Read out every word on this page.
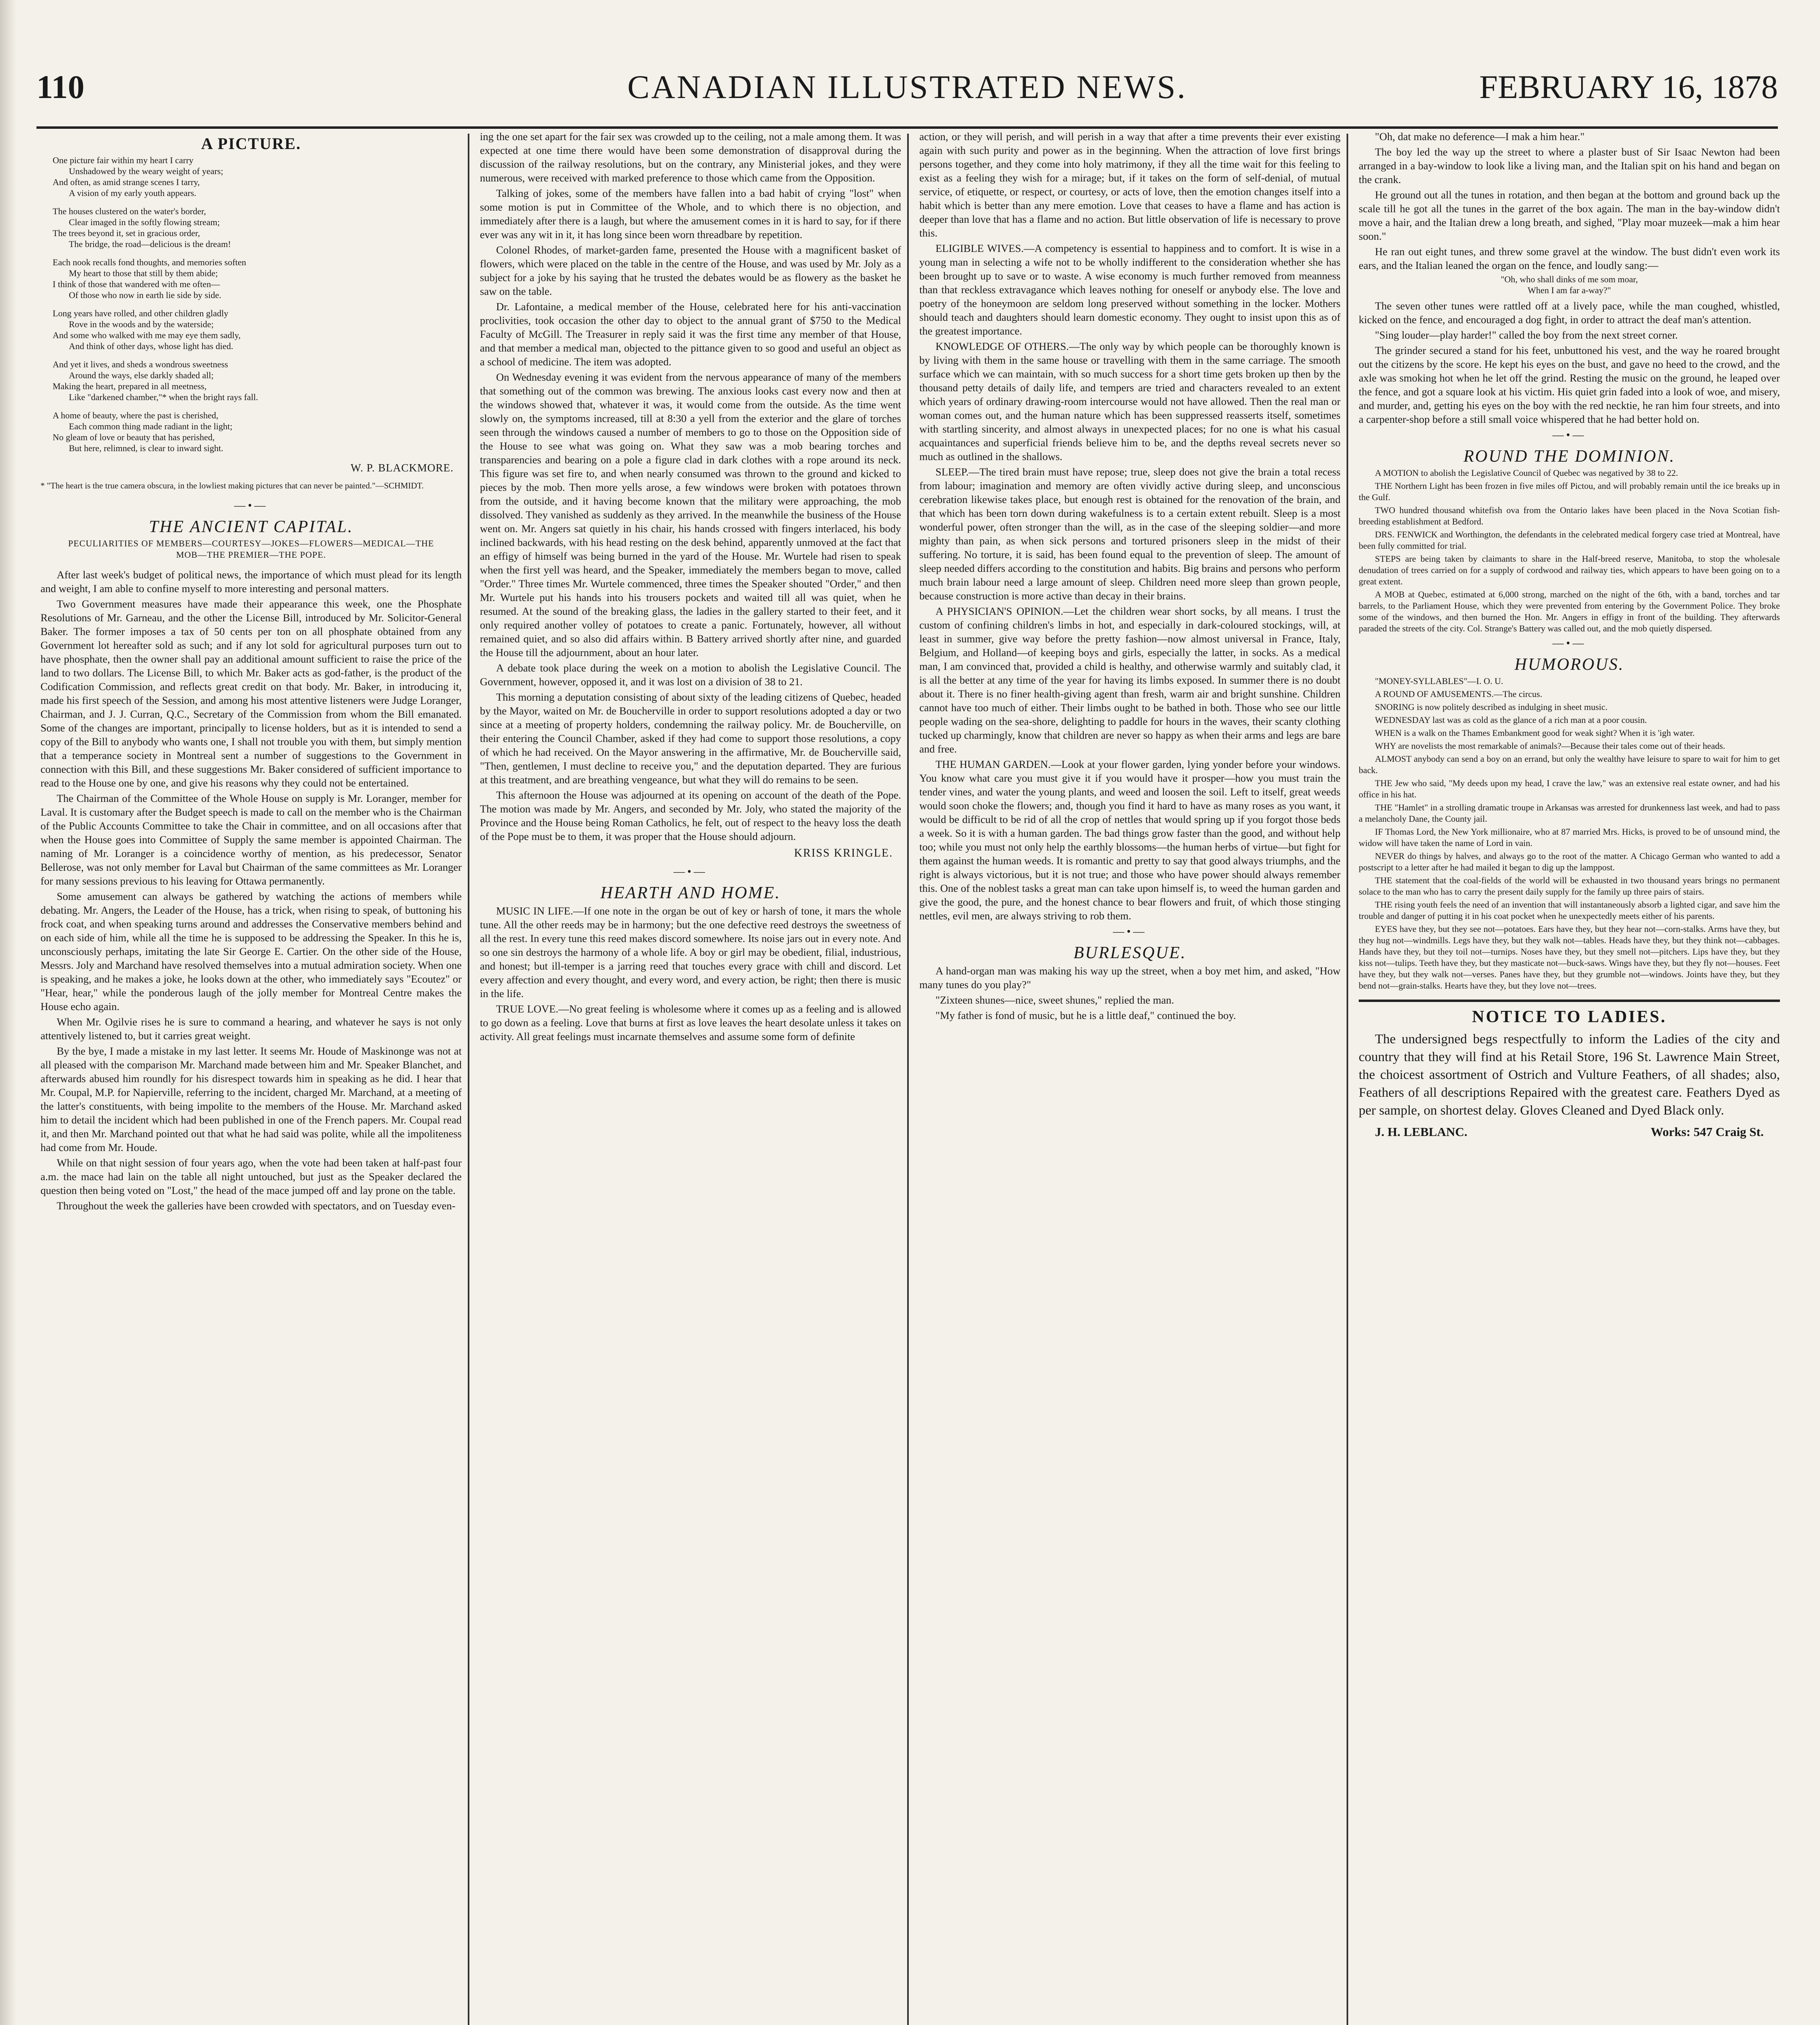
110	CANADIAN ILLUSTRATED NEWS.	FEBRUARY 16, 1878
A PICTURE.
One picture fair within my heart I carry
Unshadowed by the weary weight of years;
And often, as amid strange scenes I tarry,
A vision of my early youth appears.
The houses clustered on the water's border,
Clear imaged in the softly flowing stream;
The trees beyond it, set in gracious order,
The bridge, the road—delicious is the dream!
Each nook recalls fond thoughts, and memories soften
My heart to those that still by them abide;
I think of those that wandered with me often—
Of those who now in earth lie side by side.
Long years have rolled, and other children gladly
Rove in the woods and by the waterside;
And some who walked with me may eye them sadly,
And think of other days, whose light has died.
And yet it lives, and sheds a wondrous sweetness
Around the ways, else darkly shaded all;
Making the heart, prepared in all meetness,
Like "darkened chamber,"* when the bright rays fall.
A home of beauty, where the past is cherished,
Each common thing made radiant in the light;
No gleam of love or beauty that has perished,
But here, relimned, is clear to inward sight.
W. P. BLACKMORE.
* "The heart is the true camera obscura, in the lowliest making pictures that can never be painted."—SCHMIDT.
—•—
THE ANCIENT CAPITAL.
PECULIARITIES OF MEMBERS—COURTESY—JOKES—FLOWERS—MEDICAL—THE MOB—THE PREMIER—THE POPE.

After last week's budget of political news, the importance of which must plead for its length and weight, I am able to confine myself to more interesting and personal matters.

Two Government measures have made their appearance this week, one the Phosphate Resolutions of Mr. Garneau, and the other the License Bill, introduced by Mr. Solicitor-General Baker. The former imposes a tax of 50 cents per ton on all phosphate obtained from any Government lot hereafter sold as such; and if any lot sold for agricultural purposes turn out to have phosphate, then the owner shall pay an additional amount sufficient to raise the price of the land to two dollars. The License Bill, to which Mr. Baker acts as god-father, is the product of the Codification Commission, and reflects great credit on that body. Mr. Baker, in introducing it, made his first speech of the Session, and among his most attentive listeners were Judge Loranger, Chairman, and J. J. Curran, Q.C., Secretary of the Commission from whom the Bill emanated. Some of the changes are important, principally to license holders, but as it is intended to send a copy of the Bill to anybody who wants one, I shall not trouble you with them, but simply mention that a temperance society in Montreal sent a number of suggestions to the Government in connection with this Bill, and these suggestions Mr. Baker considered of sufficient importance to read to the House one by one, and give his reasons why they could not be entertained.

The Chairman of the Committee of the Whole House on supply is Mr. Loranger, member for Laval. It is customary after the Budget speech is made to call on the member who is the Chairman of the Public Accounts Committee to take the Chair in committee, and on all occasions after that when the House goes into Committee of Supply the same member is appointed Chairman. The naming of Mr. Loranger is a coincidence worthy of mention, as his predecessor, Senator Bellerose, was not only member for Laval but Chairman of the same committees as Mr. Loranger for many sessions previous to his leaving for Ottawa permanently.

Some amusement can always be gathered by watching the actions of members while debating. Mr. Angers, the Leader of the House, has a trick, when rising to speak, of buttoning his frock coat, and when speaking turns around and addresses the Conservative members behind and on each side of him, while all the time he is supposed to be addressing the Speaker. In this he is, unconsciously perhaps, imitating the late Sir George E. Cartier. On the other side of the House, Messrs. Joly and Marchand have resolved themselves into a mutual admiration society. When one is speaking, and he makes a joke, he looks down at the other, who immediately says "Ecoutez" or "Hear, hear," while the ponderous laugh of the jolly member for Montreal Centre makes the House echo again.

When Mr. Ogilvie rises he is sure to command a hearing, and whatever he says is not only attentively listened to, but it carries great weight.

By the bye, I made a mistake in my last letter. It seems Mr. Houde of Maskinonge was not at all pleased with the comparison Mr. Marchand made between him and Mr. Speaker Blanchet, and afterwards abused him roundly for his disrespect towards him in speaking as he did. I hear that Mr. Coupal, M.P. for Napierville, referring to the incident, charged Mr. Marchand, at a meeting of the latter's constituents, with being impolite to the members of the House. Mr. Marchand asked him to detail the incident which had been published in one of the French papers. Mr. Coupal read it, and then Mr. Marchand pointed out that what he had said was polite, while all the impoliteness had come from Mr. Houde.

While on that night session of four years ago, when the vote had been taken at half-past four a.m. the mace had lain on the table all night untouched, but just as the Speaker declared the question then being voted on "Lost," the head of the mace jumped off and lay prone on the table.

Throughout the week the galleries have been crowded with spectators, and on Tuesday even-

ing the one set apart for the fair sex was crowded up to the ceiling, not a male among them. It was expected at one time there would have been some demonstration of disapproval during the discussion of the railway resolutions, but on the contrary, any Ministerial jokes, and they were numerous, were received with marked preference to those which came from the Opposition.

Talking of jokes, some of the members have fallen into a bad habit of crying "lost" when some motion is put in Committee of the Whole, and to which there is no objection, and immediately after there is a laugh, but where the amusement comes in it is hard to say, for if there ever was any wit in it, it has long since been worn threadbare by repetition.

Colonel Rhodes, of market-garden fame, presented the House with a magnificent basket of flowers, which were placed on the table in the centre of the House, and was used by Mr. Joly as a subject for a joke by his saying that he trusted the debates would be as flowery as the basket he saw on the table.

Dr. Lafontaine, a medical member of the House, celebrated here for his anti-vaccination proclivities, took occasion the other day to object to the annual grant of $750 to the Medical Faculty of McGill. The Treasurer in reply said it was the first time any member of that House, and that member a medical man, objected to the pittance given to so good and useful an object as a school of medicine. The item was adopted.

On Wednesday evening it was evident from the nervous appearance of many of the members that something out of the common was brewing. The anxious looks cast every now and then at the windows showed that, whatever it was, it would come from the outside. As the time went slowly on, the symptoms increased, till at 8:30 a yell from the exterior and the glare of torches seen through the windows caused a number of members to go to those on the Opposition side of the House to see what was going on. What they saw was a mob bearing torches and transparencies and bearing on a pole a figure clad in dark clothes with a rope around its neck. This figure was set fire to, and when nearly consumed was thrown to the ground and kicked to pieces by the mob. Then more yells arose, a few windows were broken with potatoes thrown from the outside, and it having become known that the military were approaching, the mob dissolved. They vanished as suddenly as they arrived. In the meanwhile the business of the House went on. Mr. Angers sat quietly in his chair, his hands crossed with fingers interlaced, his body inclined backwards, with his head resting on the desk behind, apparently unmoved at the fact that an effigy of himself was being burned in the yard of the House. Mr. Wurtele had risen to speak when the first yell was heard, and the Speaker, immediately the members began to move, called "Order." Three times Mr. Wurtele commenced, three times the Speaker shouted "Order," and then Mr. Wurtele put his hands into his trousers pockets and waited till all was quiet, when he resumed. At the sound of the breaking glass, the ladies in the gallery started to their feet, and it only required another volley of potatoes to create a panic. Fortunately, however, all without remained quiet, and so also did affairs within. B Battery arrived shortly after nine, and guarded the House till the adjournment, about an hour later.

A debate took place during the week on a motion to abolish the Legislative Council. The Government, however, opposed it, and it was lost on a division of 38 to 21.

This morning a deputation consisting of about sixty of the leading citizens of Quebec, headed by the Mayor, waited on Mr. de Boucherville in order to support resolutions adopted a day or two since at a meeting of property holders, condemning the railway policy. Mr. de Boucherville, on their entering the Council Chamber, asked if they had come to support those resolutions, a copy of which he had received. On the Mayor answering in the affirmative, Mr. de Boucherville said, "Then, gentlemen, I must decline to receive you," and the deputation departed. They are furious at this treatment, and are breathing vengeance, but what they will do remains to be seen.

This afternoon the House was adjourned at its opening on account of the death of the Pope. The motion was made by Mr. Angers, and seconded by Mr. Joly, who stated the majority of the Province and the House being Roman Catholics, he felt, out of respect to the heavy loss the death of the Pope must be to them, it was proper that the House should adjourn.

KRISS KRINGLE.
—•—
HEARTH AND HOME.

MUSIC IN LIFE.—If one note in the organ be out of key or harsh of tone, it mars the whole tune. All the other reeds may be in harmony; but the one defective reed destroys the sweetness of all the rest. In every tune this reed makes discord somewhere. Its noise jars out in every note. And so one sin destroys the harmony of a whole life. A boy or girl may be obedient, filial, industrious, and honest; but ill-temper is a jarring reed that touches every grace with chill and discord. Let every affection and every thought, and every word, and every action, be right; then there is music in the life.

TRUE LOVE.—No great feeling is wholesome where it comes up as a feeling and is allowed to go down as a feeling. Love that burns at first as love leaves the heart desolate unless it takes on activity. All great feelings must incarnate themselves and assume some form of definite

action, or they will perish, and will perish in a way that after a time prevents their ever existing again with such purity and power as in the beginning. When the attraction of love first brings persons together, and they come into holy matrimony, if they all the time wait for this feeling to exist as a feeling they wish for a mirage; but, if it takes on the form of self-denial, of mutual service, of etiquette, or respect, or courtesy, or acts of love, then the emotion changes itself into a habit which is better than any mere emotion. Love that ceases to have a flame and has action is deeper than love that has a flame and no action. But little observation of life is necessary to prove this.

ELIGIBLE WIVES.—A competency is essential to happiness and to comfort. It is wise in a young man in selecting a wife not to be wholly indifferent to the consideration whether she has been brought up to save or to waste. A wise economy is much further removed from meanness than that reckless extravagance which leaves nothing for oneself or anybody else. The love and poetry of the honeymoon are seldom long preserved without something in the locker. Mothers should teach and daughters should learn domestic economy. They ought to insist upon this as of the greatest importance.

KNOWLEDGE OF OTHERS.—The only way by which people can be thoroughly known is by living with them in the same house or travelling with them in the same carriage. The smooth surface which we can maintain, with so much success for a short time gets broken up then by the thousand petty details of daily life, and tempers are tried and characters revealed to an extent which years of ordinary drawing-room intercourse would not have allowed. Then the real man or woman comes out, and the human nature which has been suppressed reasserts itself, sometimes with startling sincerity, and almost always in unexpected places; for no one is what his casual acquaintances and superficial friends believe him to be, and the depths reveal secrets never so much as outlined in the shallows.

SLEEP.—The tired brain must have repose; true, sleep does not give the brain a total recess from labour; imagination and memory are often vividly active during sleep, and unconscious cerebration likewise takes place, but enough rest is obtained for the renovation of the brain, and that which has been torn down during wakefulness is to a certain extent rebuilt. Sleep is a most wonderful power, often stronger than the will, as in the case of the sleeping soldier—and more mighty than pain, as when sick persons and tortured prisoners sleep in the midst of their suffering. No torture, it is said, has been found equal to the prevention of sleep. The amount of sleep needed differs according to the constitution and habits. Big brains and persons who perform much brain labour need a large amount of sleep. Children need more sleep than grown people, because construction is more active than decay in their brains.

A PHYSICIAN'S OPINION.—Let the children wear short socks, by all means. I trust the custom of confining children's limbs in hot, and especially in dark-coloured stockings, will, at least in summer, give way before the pretty fashion—now almost universal in France, Italy, Belgium, and Holland—of keeping boys and girls, especially the latter, in socks. As a medical man, I am convinced that, provided a child is healthy, and otherwise warmly and suitably clad, it is all the better at any time of the year for having its limbs exposed. In summer there is no doubt about it. There is no finer health-giving agent than fresh, warm air and bright sunshine. Children cannot have too much of either. Their limbs ought to be bathed in both. Those who see our little people wading on the sea-shore, delighting to paddle for hours in the waves, their scanty clothing tucked up charmingly, know that children are never so happy as when their arms and legs are bare and free.

THE HUMAN GARDEN.—Look at your flower garden, lying yonder before your windows. You know what care you must give it if you would have it prosper—how you must train the tender vines, and water the young plants, and weed and loosen the soil. Left to itself, great weeds would soon choke the flowers; and, though you find it hard to have as many roses as you want, it would be difficult to be rid of all the crop of nettles that would spring up if you forgot those beds a week. So it is with a human garden. The bad things grow faster than the good, and without help too; while you must not only help the earthly blossoms—the human herbs of virtue—but fight for them against the human weeds. It is romantic and pretty to say that good always triumphs, and the right is always victorious, but it is not true; and those who have power should always remember this. One of the noblest tasks a great man can take upon himself is, to weed the human garden and give the good, the pure, and the honest chance to bear flowers and fruit, of which those stinging nettles, evil men, are always striving to rob them.

—•—
BURLESQUE.

A hand-organ man was making his way up the street, when a boy met him, and asked, "How many tunes do you play?"

"Zixteen shunes—nice, sweet shunes," replied the man.

"My father is fond of music, but he is a little deaf," continued the boy.

"Oh, dat make no deference—I mak a him hear."

The boy led the way up the street to where a plaster bust of Sir Isaac Newton had been arranged in a bay-window to look like a living man, and the Italian spit on his hand and began on the crank.

He ground out all the tunes in rotation, and then began at the bottom and ground back up the scale till he got all the tunes in the garret of the box again. The man in the bay-window didn't move a hair, and the Italian drew a long breath, and sighed, "Play moar muzeek—mak a him hear soon."

He ran out eight tunes, and threw some gravel at the window. The bust didn't even work its ears, and the Italian leaned the organ on the fence, and loudly sang:—

"Oh, who shall dinks of me som moar,
When I am far a-way?"

The seven other tunes were rattled off at a lively pace, while the man coughed, whistled, kicked on the fence, and encouraged a dog fight, in order to attract the deaf man's attention.

"Sing louder—play harder!" called the boy from the next street corner.

The grinder secured a stand for his feet, unbuttoned his vest, and the way he roared brought out the citizens by the score. He kept his eyes on the bust, and gave no heed to the crowd, and the axle was smoking hot when he let off the grind. Resting the music on the ground, he leaped over the fence, and got a square look at his victim. His quiet grin faded into a look of woe, and misery, and murder, and, getting his eyes on the boy with the red necktie, he ran him four streets, and into a carpenter-shop before a still small voice whispered that he had better hold on.

—•—
ROUND THE DOMINION.

A MOTION to abolish the Legislative Council of Quebec was negatived by 38 to 22.

THE Northern Light has been frozen in five miles off Pictou, and will probably remain until the ice breaks up in the Gulf.

TWO hundred thousand whitefish ova from the Ontario lakes have been placed in the Nova Scotian fish-breeding establishment at Bedford.

DRS. FENWICK and Worthington, the defendants in the celebrated medical forgery case tried at Montreal, have been fully committed for trial.

STEPS are being taken by claimants to share in the Half-breed reserve, Manitoba, to stop the wholesale denudation of trees carried on for a supply of cordwood and railway ties, which appears to have been going on to a great extent.

A MOB at Quebec, estimated at 6,000 strong, marched on the night of the 6th, with a band, torches and tar barrels, to the Parliament House, which they were prevented from entering by the Government Police. They broke some of the windows, and then burned the Hon. Mr. Angers in effigy in front of the building. They afterwards paraded the streets of the city. Col. Strange's Battery was called out, and the mob quietly dispersed.

—•—
HUMOROUS.

"MONEY-SYLLABLES"—I. O. U.

A ROUND OF AMUSEMENTS.—The circus.

SNORING is now politely described as indulging in sheet music.

WEDNESDAY last was as cold as the glance of a rich man at a poor cousin.

WHEN is a walk on the Thames Embankment good for weak sight? When it is 'igh water.

WHY are novelists the most remarkable of animals?—Because their tales come out of their heads.

ALMOST anybody can send a boy on an errand, but only the wealthy have leisure to spare to wait for him to get back.

THE Jew who said, "My deeds upon my head, I crave the law," was an extensive real estate owner, and had his office in his hat.

THE "Hamlet" in a strolling dramatic troupe in Arkansas was arrested for drunkenness last week, and had to pass a melancholy Dane, the County jail.

IF Thomas Lord, the New York millionaire, who at 87 married Mrs. Hicks, is proved to be of unsound mind, the widow will have taken the name of Lord in vain.

NEVER do things by halves, and always go to the root of the matter. A Chicago German who wanted to add a postscript to a letter after he had mailed it began to dig up the lamppost.

THE statement that the coal-fields of the world will be exhausted in two thousand years brings no permanent solace to the man who has to carry the present daily supply for the family up three pairs of stairs.

THE rising youth feels the need of an invention that will instantaneously absorb a lighted cigar, and save him the trouble and danger of putting it in his coat pocket when he unexpectedly meets either of his parents.

EYES have they, but they see not—potatoes. Ears have they, but they hear not—corn-stalks. Arms have they, but they hug not—windmills. Legs have they, but they walk not—tables. Heads have they, but they think not—cabbages. Hands have they, but they toil not—turnips. Noses have they, but they smell not—pitchers. Lips have they, but they kiss not—tulips. Teeth have they, but they masticate not—buck-saws. Wings have they, but they fly not—houses. Feet have they, but they walk not—verses. Panes have they, but they grumble not—windows. Joints have they, but they bend not—grain-stalks. Hearts have they, but they love not—trees.

NOTICE TO LADIES.

The undersigned begs respectfully to inform the Ladies of the city and country that they will find at his Retail Store, 196 St. Lawrence Main Street, the choicest assortment of Ostrich and Vulture Feathers, of all shades; also, Feathers of all descriptions Repaired with the greatest care. Feathers Dyed as per sample, on shortest delay. Gloves Cleaned and Dyed Black only.

J. H. LEBLANC.	Works: 547 Craig St.
